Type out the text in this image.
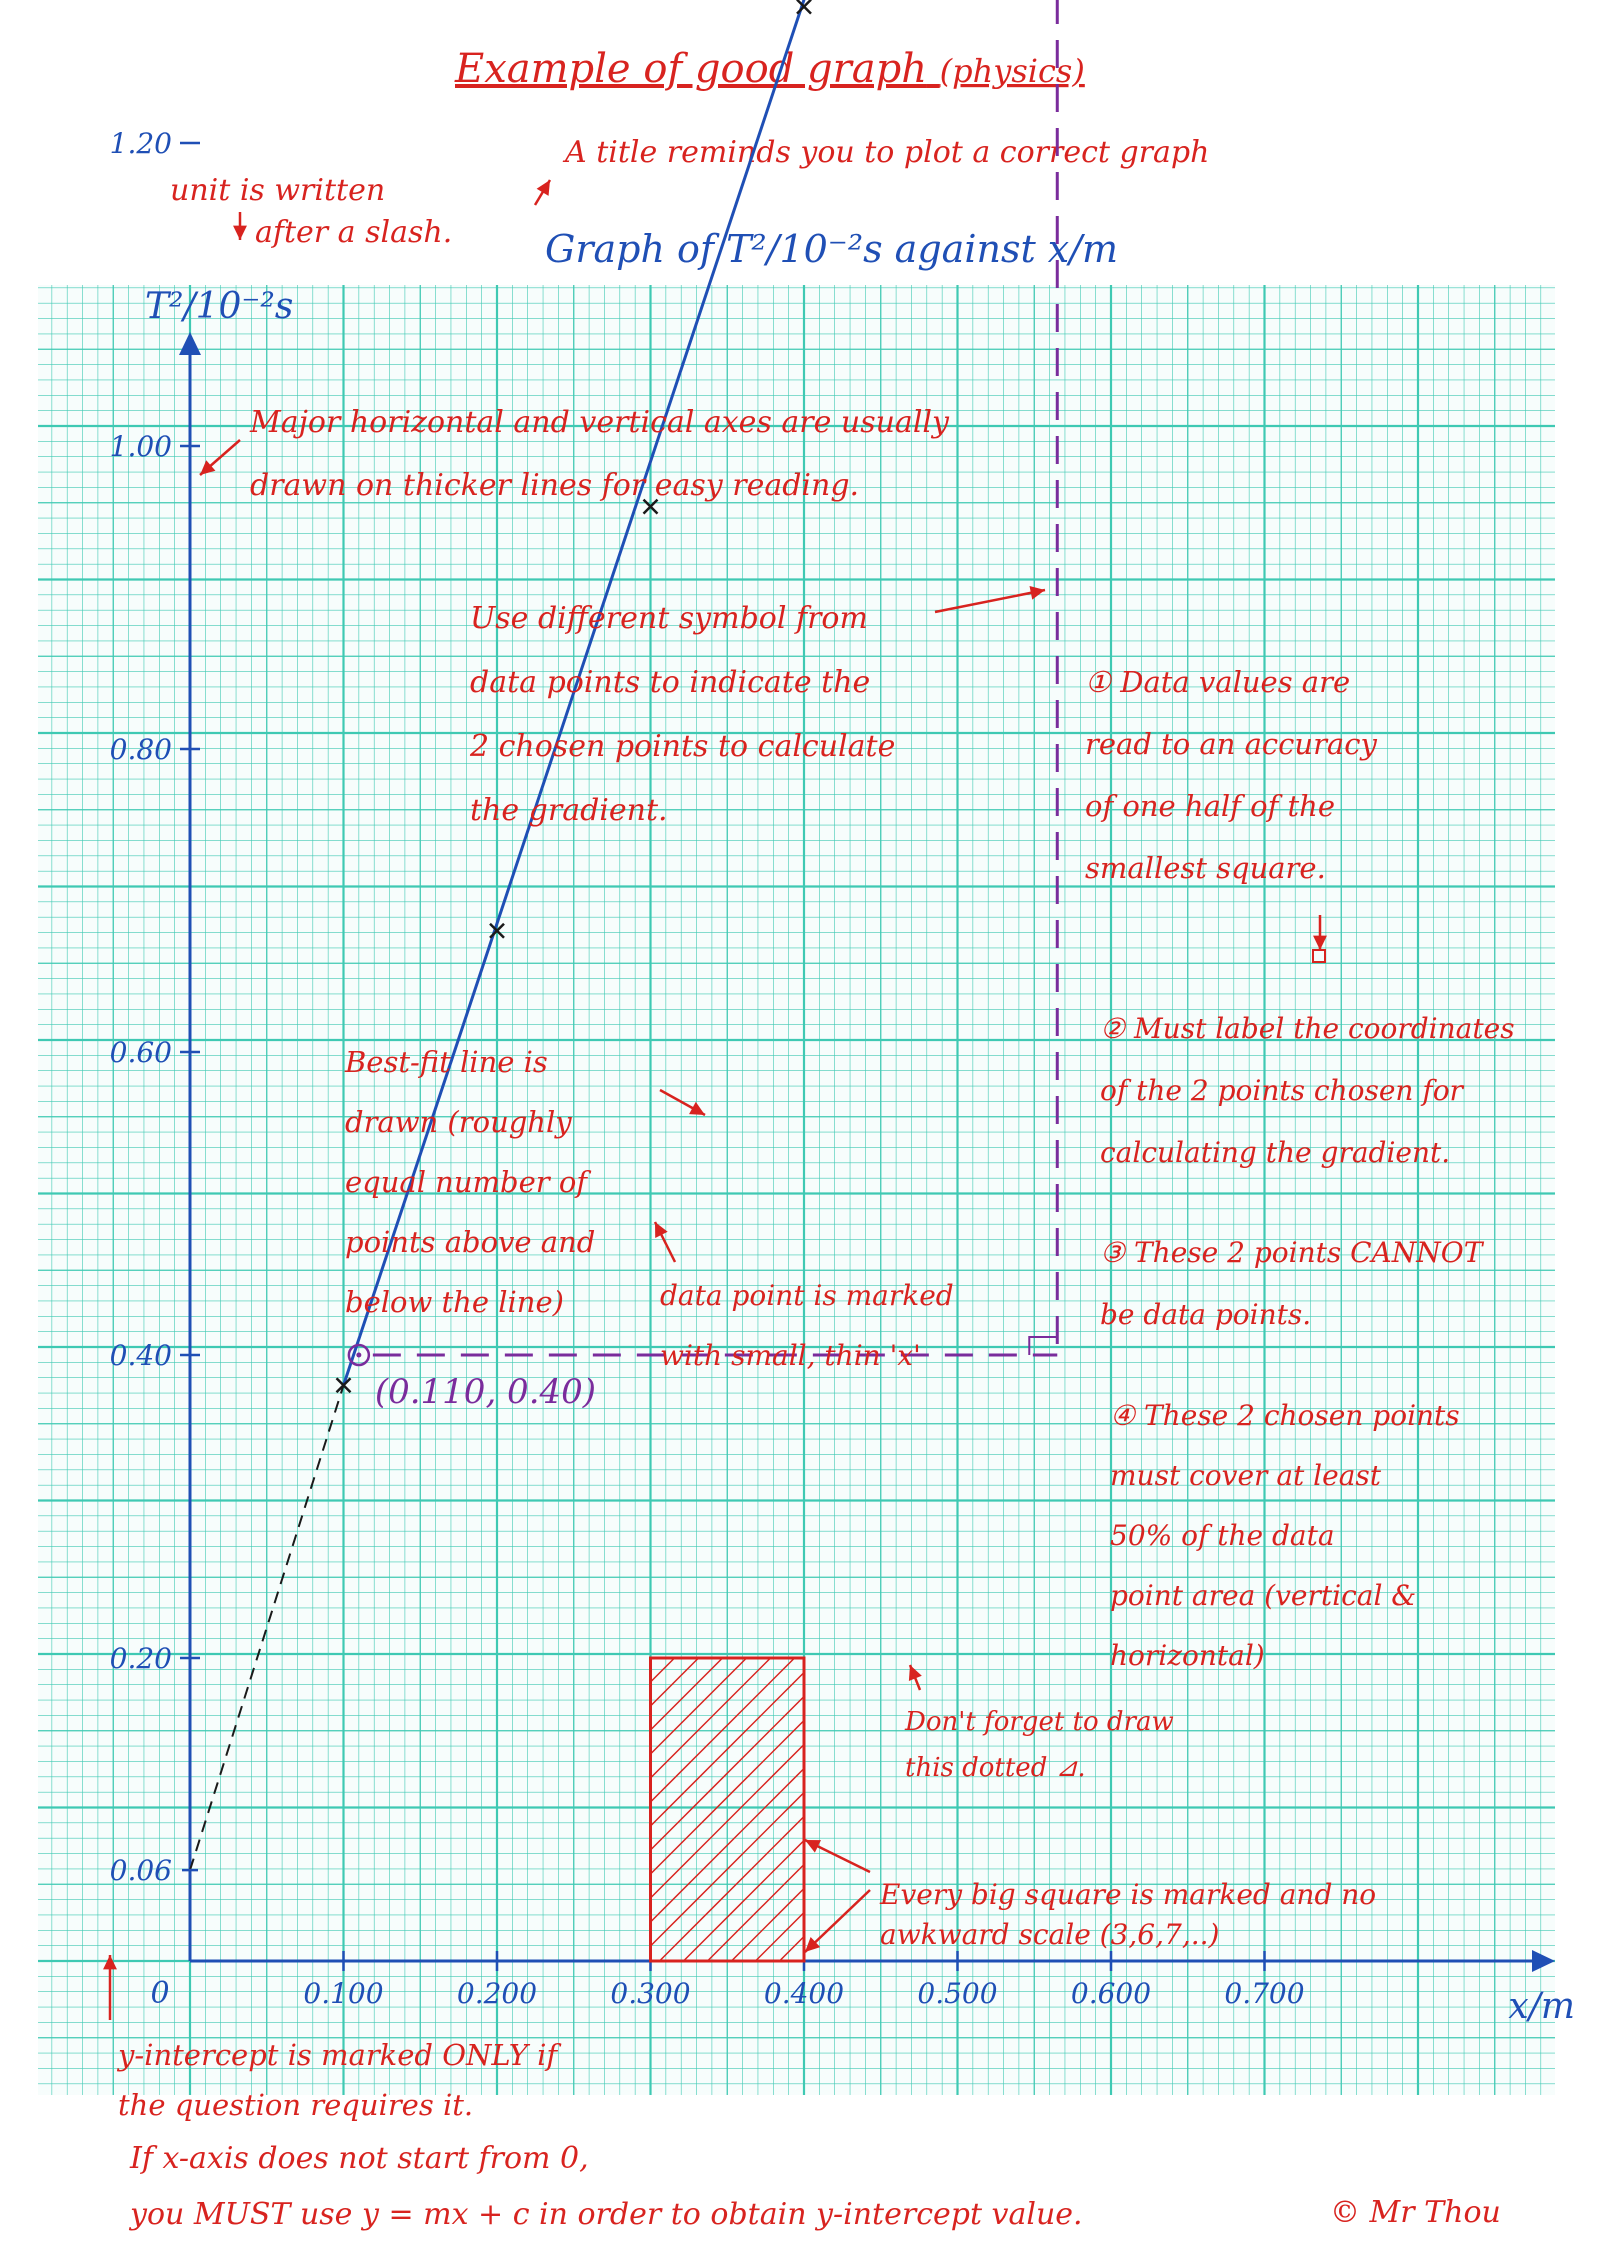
Example of good graph (physics)
A title reminds you to plot a correct graph
unit is written
after a slash. Graph of T²/10⁻²s against x/m
0.100	0.200	0.300	0.400	0.500	0.600	0.700
0.20
0.40
0.60
0.80
1.00
1.20
0	x/m
T²/10⁻²s
(0.110, 0.40)
0.06
Major horizontal and vertical axes are usually
drawn on thicker lines for easy reading.
Use different symbol from
data points to indicate the
2 chosen points to calculate
the gradient.
Best-fit line is
drawn (roughly
equal number of
points above and
below the line)	data point is marked
with small, thin 'x'
① Data values are
read to an accuracy
of one half of the
smallest square.
② Must label the coordinates
of the 2 points chosen for
calculating the gradient.
③ These 2 points CANNOT
be data points.
④ These 2 chosen points
must cover at least
50% of the data
point area (vertical &
horizontal)
Don't forget to draw
this dotted ⊿.
Every big square is marked and no
awkward scale (3,6,7,..)
y-intercept is marked ONLY if
the question requires it.
If x-axis does not start from 0,
you MUST use y = mx + c in order to obtain y-intercept value.	© Mr Thou
